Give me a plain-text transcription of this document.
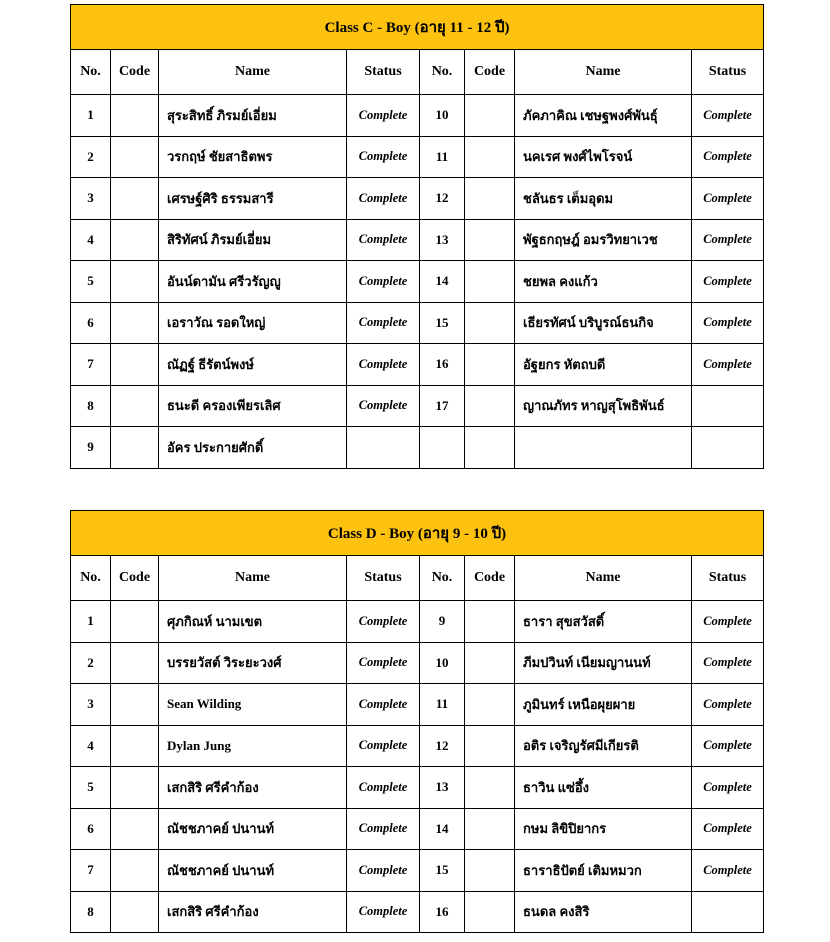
Class C - Boy (อายุ 11 - 12 ปี)							
No.	Code	Name	Status	No.	Code	Name	Status
1		สุระสิทธิ์ ภิรมย์เอี่ยม	Complete	10		ภัคภาคิณ เชษฐพงศ์พันธุ์	Complete
2		วรกฤษ์ ชัยสาธิตพร	Complete	11		นคเรศ พงศ์ไพโรจน์	Complete
3		เศรษฐ์ศิริ ธรรมสารี	Complete	12		ชลันธร เต็มอุดม	Complete
4		สิริทัศน์ ภิรมย์เอี่ยม	Complete	13		พัฐธกฤษฎ์ อมรวิทยาเวช	Complete
5		อันน์ดามัน ศรีวรัญญู	Complete	14		ชยพล คงแก้ว	Complete
6		เอราวัณ รอดใหญ่	Complete	15		เธียรทัศน์ บริบูรณ์ธนกิจ	Complete
7		ณัฏฐ์ ธีรัตน์พงษ์	Complete	16		อัฐยกร หัตถบดี	Complete
8		ธนะดี ครองเพียรเลิศ	Complete	17		ญาณภัทร หาญสุโพธิพันธ์	
9		อัคร ประกายศักดิ์					
Class D - Boy (อายุ 9 - 10 ปี)							
No.	Code	Name	Status	No.	Code	Name	Status
1		ศุภกิณห์ นามเขต	Complete	9		ธารา สุขสวัสดิ์	Complete
2		บรรยวัสต์ วิระยะวงศ์	Complete	10		ภีมปวินท์ เนียมญานนท์	Complete
3		Sean Wilding	Complete	11		ภูมินทร์ เหนือผุยผาย	Complete
4		Dylan Jung	Complete	12		อติร เจริญรัศมีเกียรติ	Complete
5		เสกสิริ ศรีคำก้อง	Complete	13		ธาวิน แซ่อึ้ง	Complete
6		ณัชชภาคย์ ปนานท์	Complete	14		กษม ลิขิปิยากร	Complete
7		ณัชชภาคย์ ปนานท์	Complete	15		ธาราธิปัตย์ เติมหมวก	Complete
8		เสกสิริ ศรีคำก้อง	Complete	16		ธนดล คงสิริ	
